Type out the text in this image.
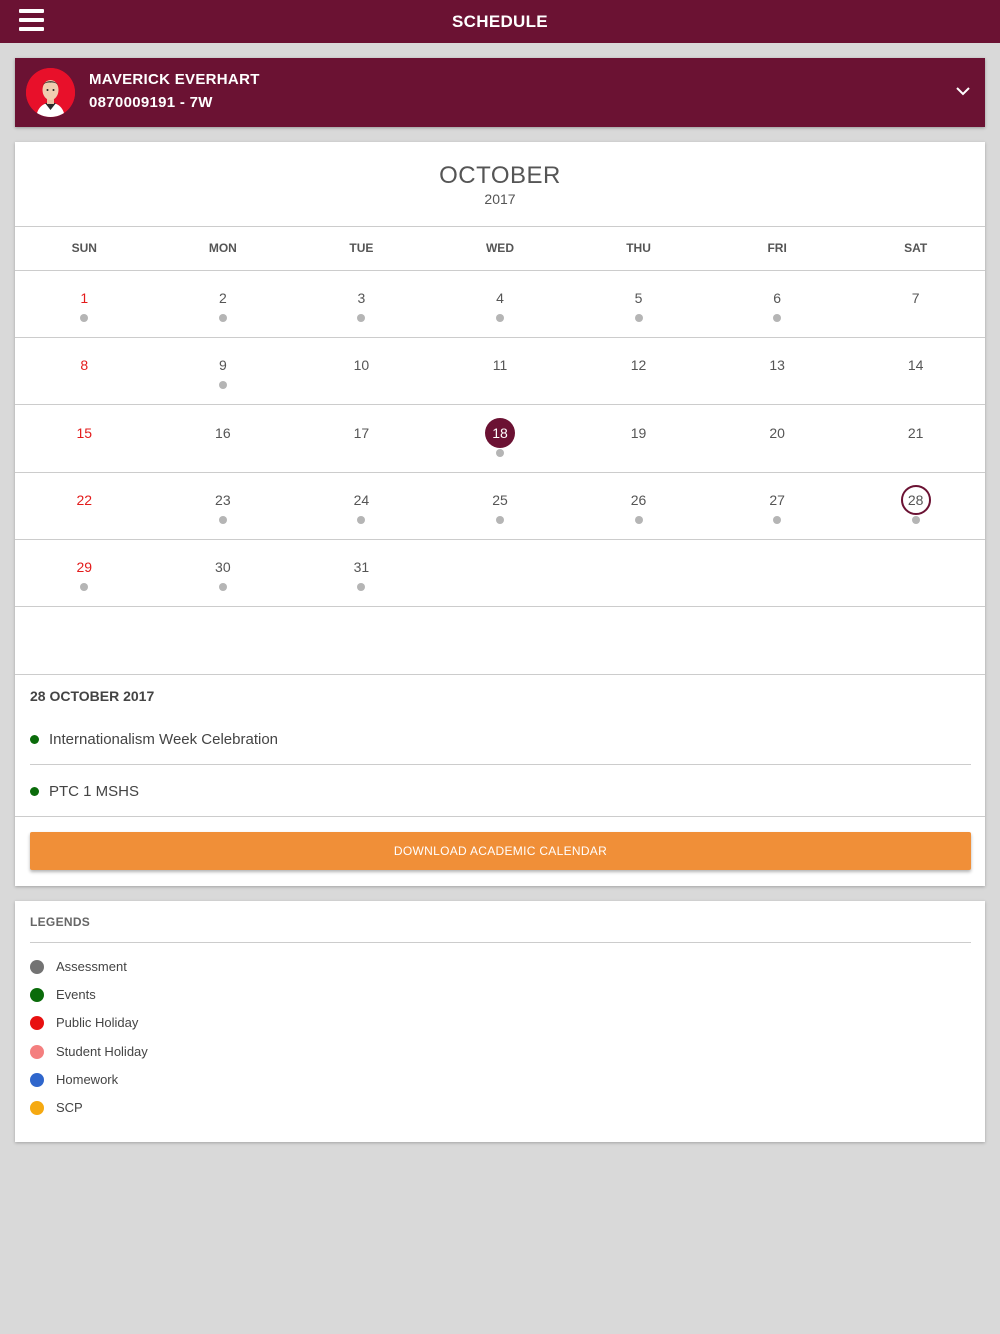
SCHEDULE
MAVERICK EVERHART
0870009191 - 7W
OCTOBER
2017
SUN	MON	TUE	WED	THU	FRI	SAT
1	2	3	4	5	6	7
8	9	10	11	12	13	14
15	16	17	18	19	20	21
22	23	24	25	26	27	28
29	30	31
28 OCTOBER 2017
Internationalism Week Celebration
PTC 1 MSHS
DOWNLOAD ACADEMIC CALENDAR
LEGENDS
Assessment
Events
Public Holiday
Student Holiday
Homework
SCP
